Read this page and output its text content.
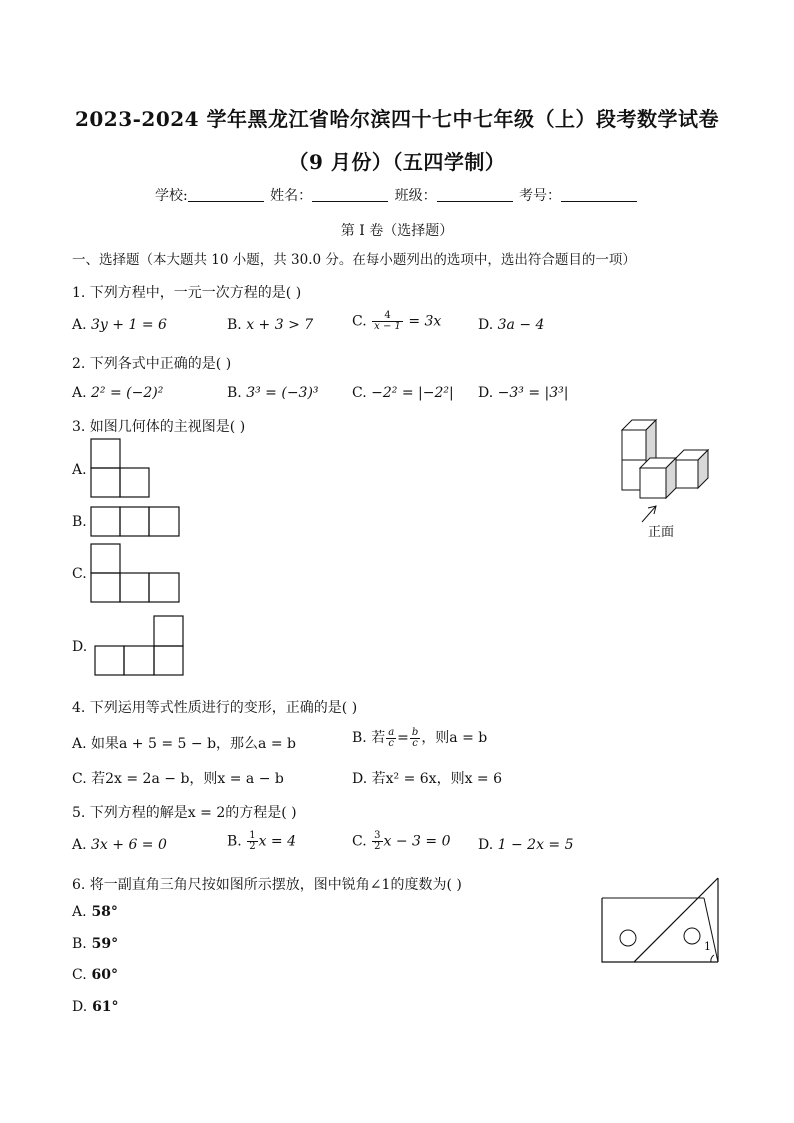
2023-2024 学年黑龙江省哈尔滨四十七中七年级（上）段考数学试卷
（9 月份）（五四学制）
学校:	姓名：	班级：	考号：
第 I 卷（选择题）
一、选择题（本大题共 10 小题，共 30.0 分。在每小题列出的选项中，选出符合题目的一项）
1. 下列方程中，一元一次方程的是( )
A. 3y + 1 = 6	B. x + 3 > 7	C. $\frac{4}{x - 1} = 3x$	D. 3a − 4
2. 下列各式中正确的是( )
A. 2² = (−2)²	B. 3³ = (−3)³ C. −2² = |−2²| D. −3³ = |3³|
3. 如图几何体的主视图是( )
A.
B.
C.
D.
正面
4. 下列运用等式性质进行的变形，正确的是( )
A. 如果a + 5 = 5 − b，那么a = b	B. 若 $\frac{a}{c} = \frac{b}{c}$ ，则a = b
C. 若2x = 2a − b，则x = a − b	D. 若x² = 6x，则x = 6
5. 下列方程的解是x = 2的方程是( )
A. 3x + 6 = 0	B. $\frac{1}{2}$ x = 4	C. $\frac{3}{2}$ x − 3 = 0 D. 1 − 2x = 5
6. 将一副直角三角尺按如图所示摆放，图中锐角∠1的度数为( )
A. 58°
B. 59°
C. 60°
D. 61°
1
